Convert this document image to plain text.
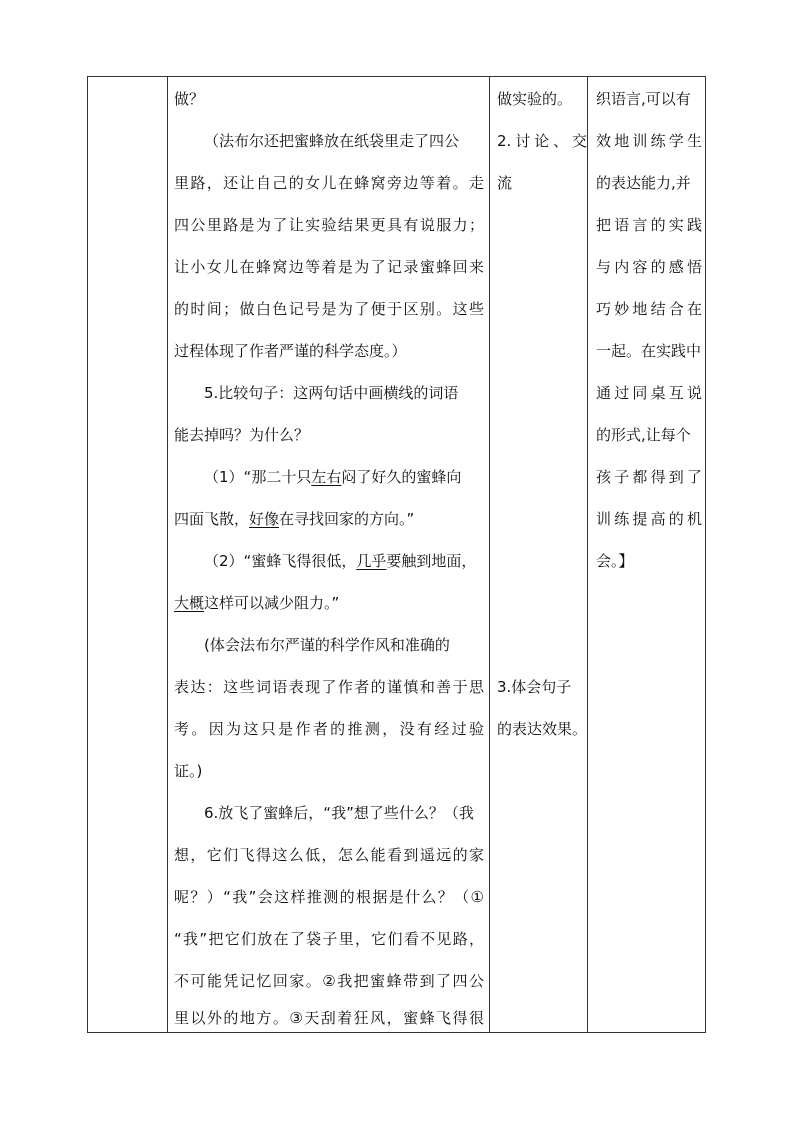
做？
（法布尔还把蜜蜂放在纸袋里走了四公
里路，还让自己的女儿在蜂窝旁边等着。走
四公里路是为了让实验结果更具有说服力；
让小女儿在蜂窝边等着是为了记录蜜蜂回来
的时间；做白色记号是为了便于区别。这些
过程体现了作者严谨的科学态度。）
5.比较句子：这两句话中画横线的词语
能去掉吗？为什么？
（1）“那二十只左右闷了好久的蜜蜂向
四面飞散，好像在寻找回家的方向。”
（2）“蜜蜂飞得很低，几乎要触到地面，
大概这样可以减少阻力。”
(体会法布尔严谨的科学作风和准确的
表达：这些词语表现了作者的谨慎和善于思
考。因为这只是作者的推测，没有经过验
证。)
6.放飞了蜜蜂后，“我”想了些什么？（我
想，它们飞得这么低，怎么能看到遥远的家
呢？）“我”会这样推测的根据是什么？（①
“我”把它们放在了袋子里，它们看不见路，
不可能凭记忆回家。②我把蜜蜂带到了四公
里以外的地方。③天刮着狂风，蜜蜂飞得很
做实验的。
2.讨论、交
流
3.体会句子
的表达效果。
织语言,可以有
效地训练学生
的表达能力,并
把语言的实践
与内容的感悟
巧妙地结合在
一起。在实践中
通过同桌互说
的形式,让每个
孩子都得到了
训练提高的机
会。】
